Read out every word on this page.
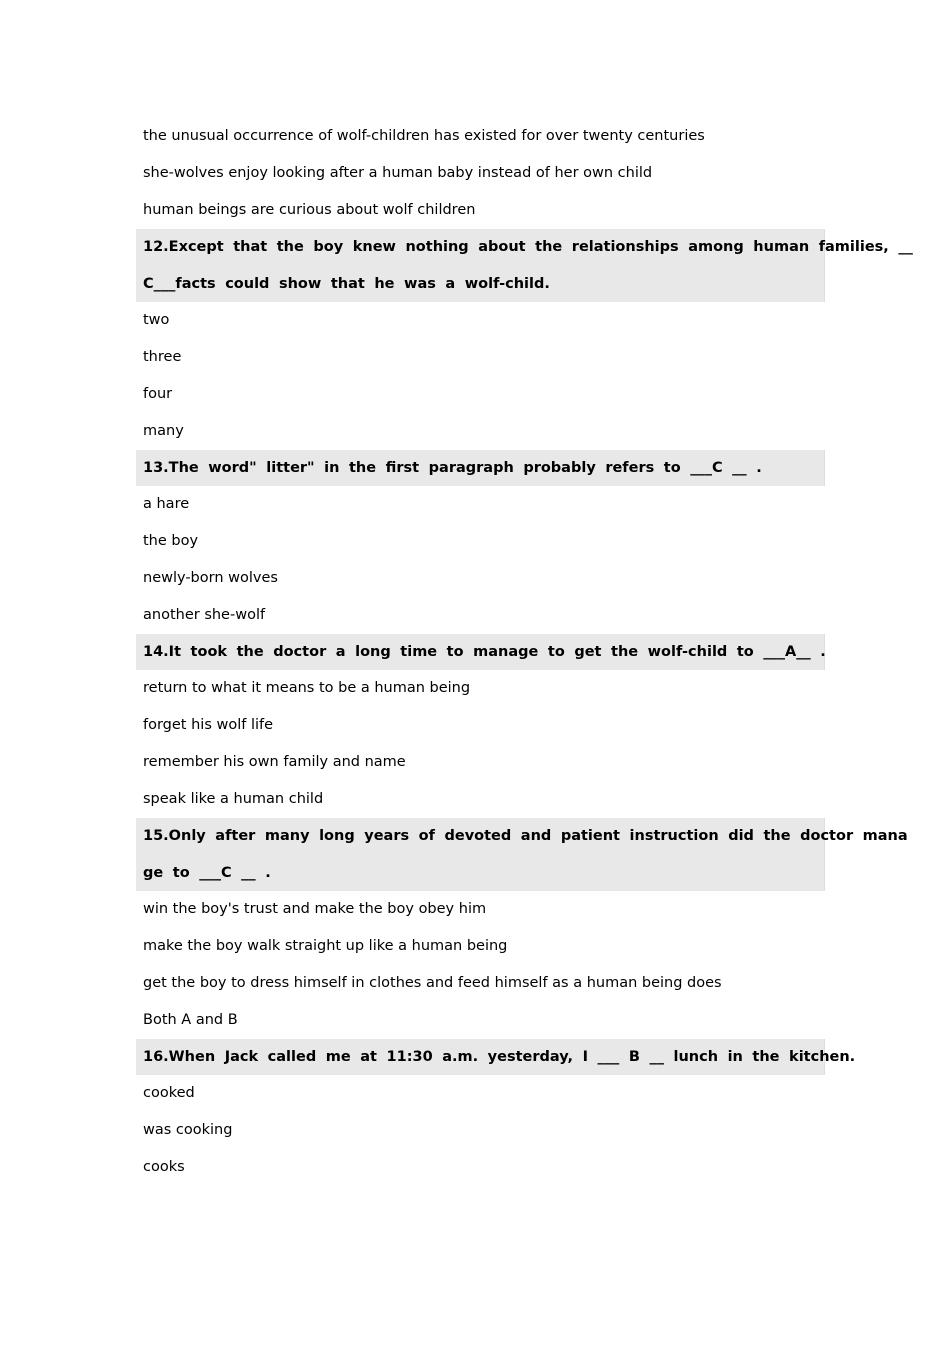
the unusual occurrence of wolf-children has existed for over twenty centuries
she-wolves enjoy looking after a human baby instead of her own child
human beings are curious about wolf children
12.Except that the boy knew nothing about the relationships among human families, __
C___facts could show that he was a wolf-child.
two
three
four
many
13.The word" litter" in the first paragraph probably refers to ___C __ .
a hare
the boy
newly-born wolves
another she-wolf
14.It took the doctor a long time to manage to get the wolf-child to ___A__ .
return to what it means to be a human being
forget his wolf life
remember his own family and name
speak like a human child
15.Only after many long years of devoted and patient instruction did the doctor mana
ge to ___C __ .
win the boy's trust and make the boy obey him
make the boy walk straight up like a human being
get the boy to dress himself in clothes and feed himself as a human being does
Both A and B
16.When Jack called me at 11:30 a.m. yesterday, I ___ B __ lunch in the kitchen.
cooked
was cooking
cooks
